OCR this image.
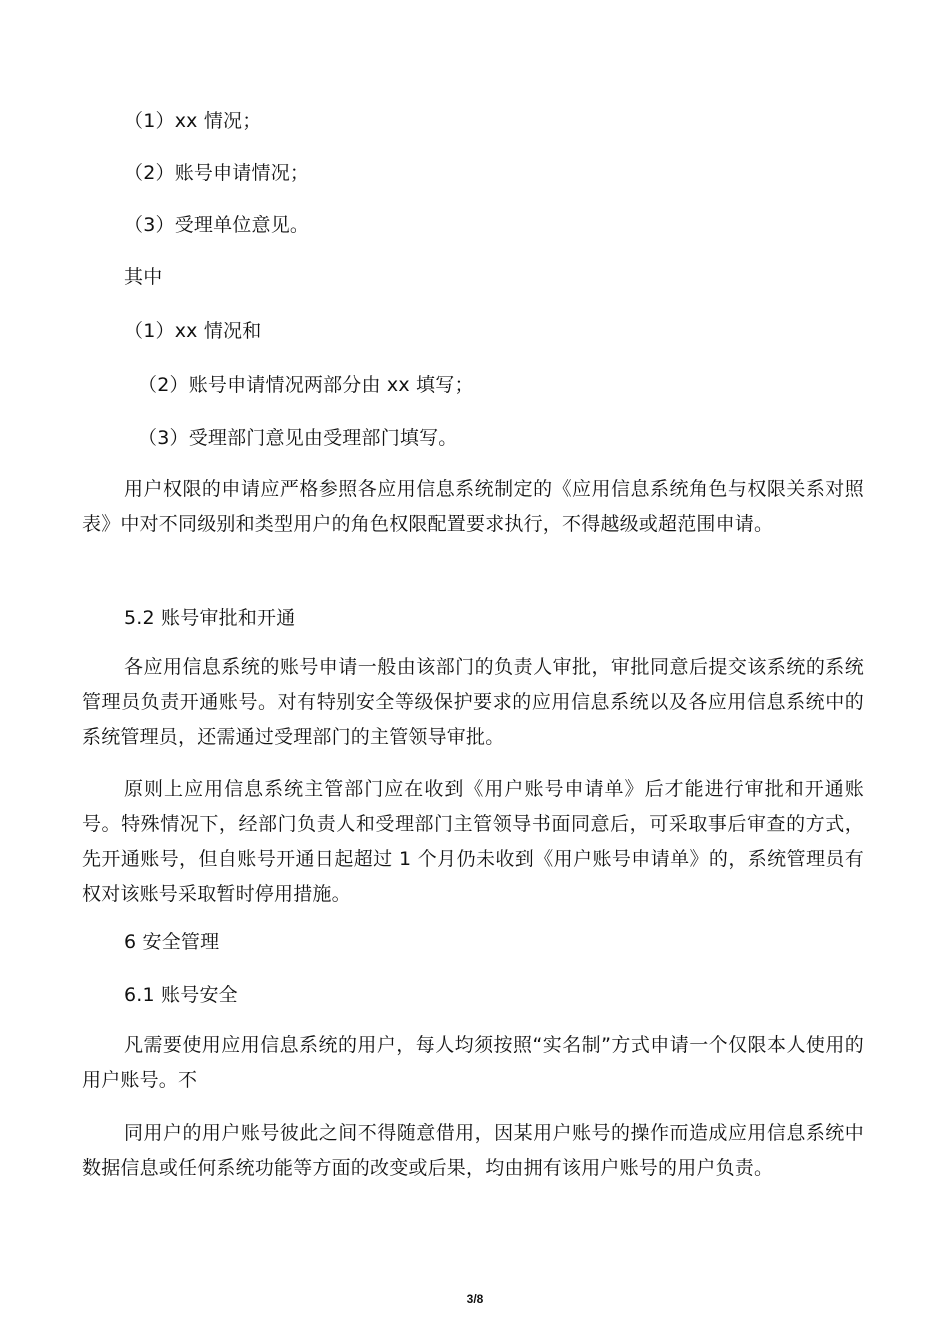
（1）xx 情况；
（2）账号申请情况；
（3）受理单位意见。
其中
（1）xx 情况和
（2）账号申请情况两部分由 xx 填写；
（3）受理部门意见由受理部门填写。
用户权限的申请应严格参照各应用信息系统制定的《应用信息系统角色与权限关系对照表》中对不同级别和类型用户的角色权限配置要求执行，不得越级或超范围申请。
5.2 账号审批和开通
各应用信息系统的账号申请一般由该部门的负责人审批，审批同意后提交该系统的系统管理员负责开通账号。对有特别安全等级保护要求的应用信息系统以及各应用信息系统中的系统管理员，还需通过受理部门的主管领导审批。
原则上应用信息系统主管部门应在收到《用户账号申请单》后才能进行审批和开通账号。特殊情况下，经部门负责人和受理部门主管领导书面同意后，可采取事后审查的方式，先开通账号，但自账号开通日起超过 1 个月仍未收到《用户账号申请单》的，系统管理员有权对该账号采取暂时停用措施。
6 安全管理
6.1 账号安全
凡需要使用应用信息系统的用户，每人均须按照“实名制”方式申请一个仅限本人使用的用户账号。不
同用户的用户账号彼此之间不得随意借用，因某用户账号的操作而造成应用信息系统中数据信息或任何系统功能等方面的改变或后果，均由拥有该用户账号的用户负责。
3/8
